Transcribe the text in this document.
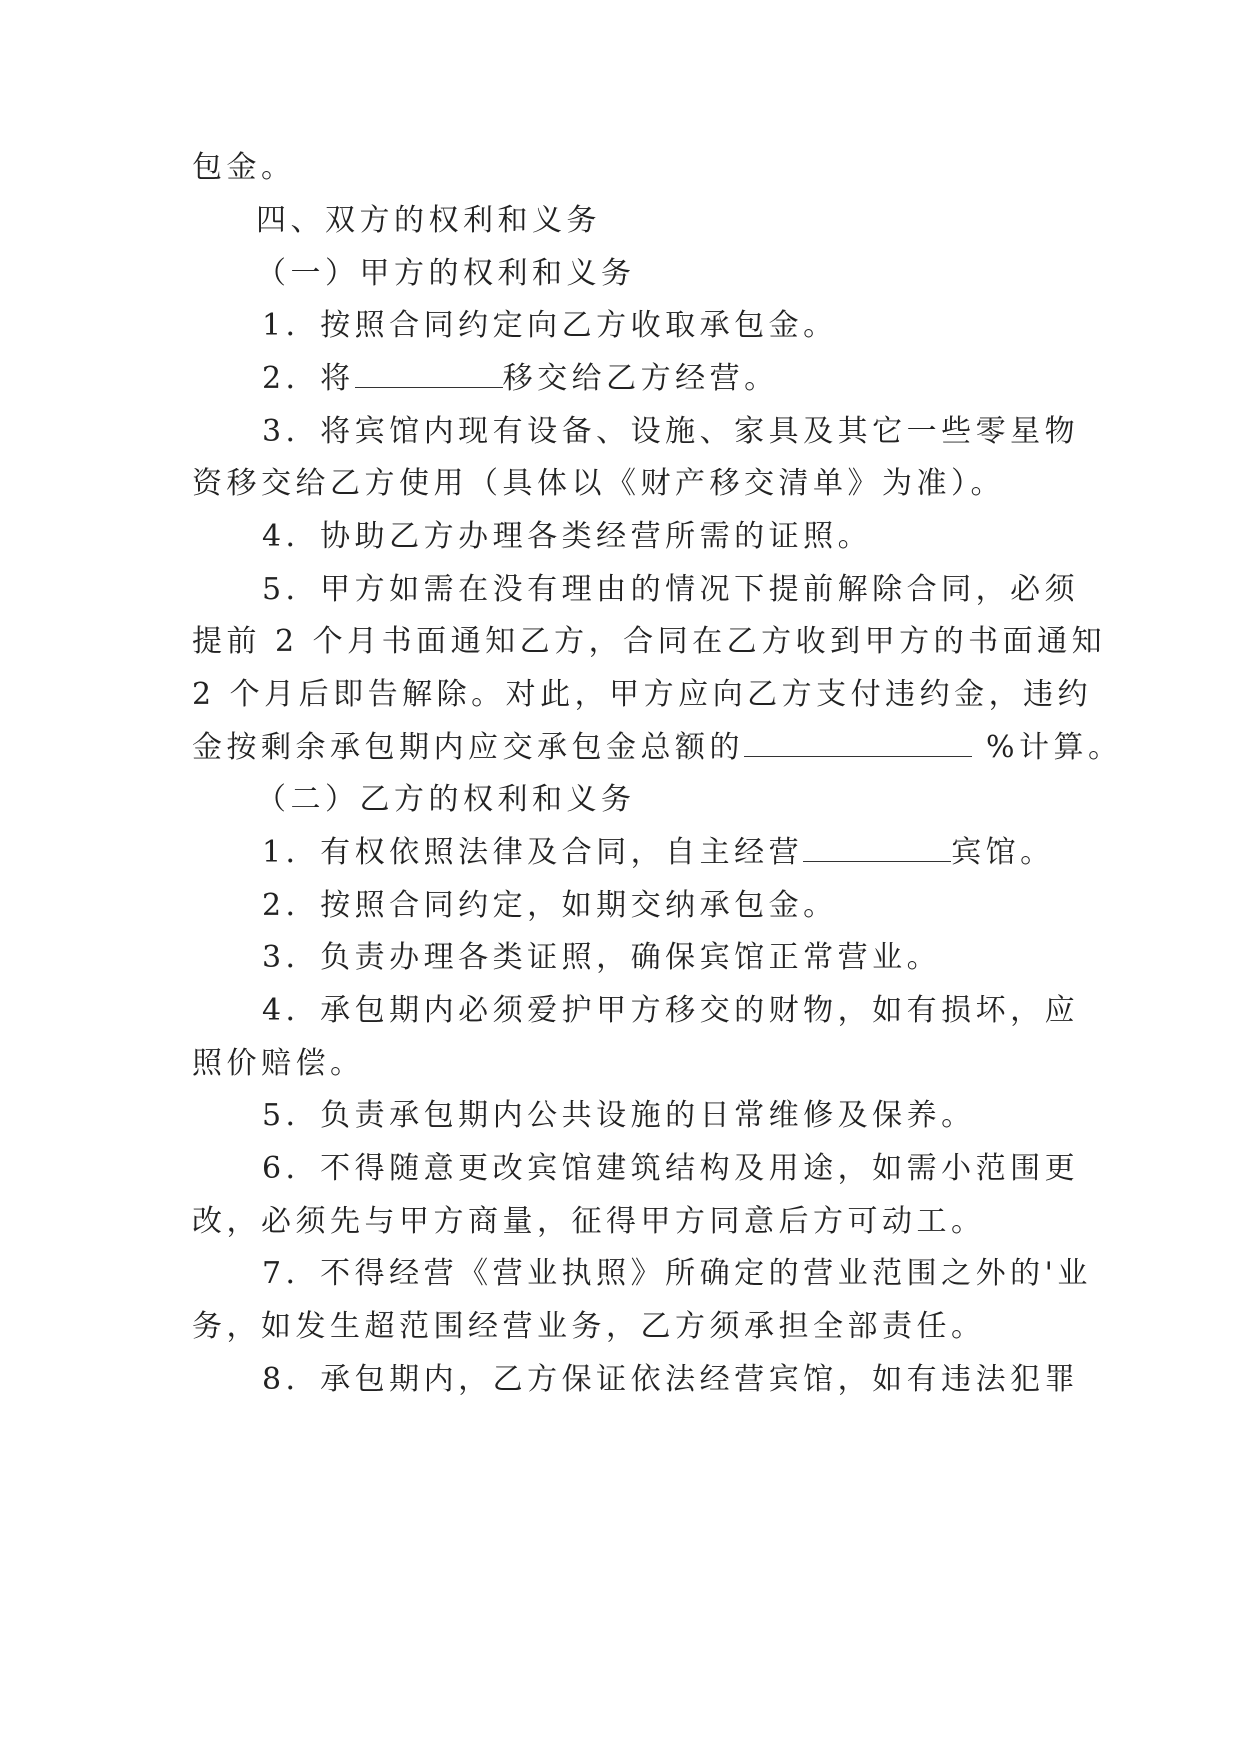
包金。
四、双方的权利和义务
（一）甲方的权利和义务
1．按照合同约定向乙方收取承包金。
2．将	移交给乙方经营。
3．将宾馆内现有设备、设施、家具及其它一些零星物
资移交给乙方使用（具体以《财产移交清单》为准）。
4．协助乙方办理各类经营所需的证照。
5．甲方如需在没有理由的情况下提前解除合同，必须
提前 2 个月书面通知乙方，合同在乙方收到甲方的书面通知
2 个月后即告解除。对此，甲方应向乙方支付违约金，违约
金按剩余承包期内应交承包金总额的	%计算。
（二）乙方的权利和义务
1．有权依照法律及合同，自主经营	宾馆。
2．按照合同约定，如期交纳承包金。
3．负责办理各类证照，确保宾馆正常营业。
4．承包期内必须爱护甲方移交的财物，如有损坏，应
照价赔偿。
5．负责承包期内公共设施的日常维修及保养。
6．不得随意更改宾馆建筑结构及用途，如需小范围更
改，必须先与甲方商量，征得甲方同意后方可动工。
7．不得经营《营业执照》所确定的营业范围之外的'业
务，如发生超范围经营业务，乙方须承担全部责任。
8．承包期内，乙方保证依法经营宾馆，如有违法犯罪
